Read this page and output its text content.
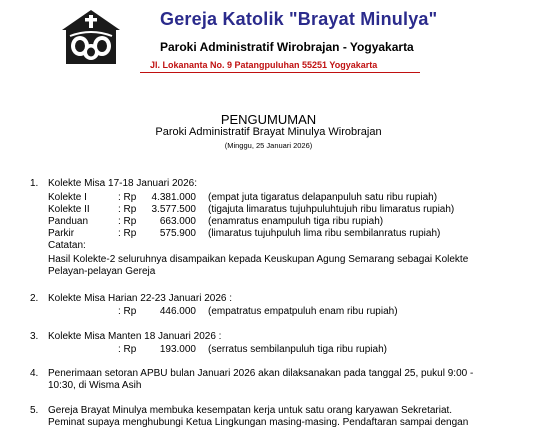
Gereja Katolik "Brayat Minulya"
Paroki Administratif Wirobrajan - Yogyakarta
Jl. Lokananta No. 9 Patangpuluhan 55251 Yogyakarta
PENGUMUMAN
Paroki Administratif Brayat Minulya Wirobrajan
(Minggu, 25 Januari 2026)
1. Kolekte Misa 17-18 Januari 2026:
Kolekte I	: Rp	4.381.000 (empat juta tigaratus delapanpuluh satu ribu rupiah)
Kolekte II	: Rp	3.577.500 (tigajuta limaratus tujuhpuluhtujuh ribu limaratus rupiah)
Panduan	: Rp	663.000 (enamratus enampuluh tiga ribu rupiah)
Parkir	: Rp	575.900 (limaratus tujuhpuluh lima ribu sembilanratus rupiah)
Catatan:
Hasil Kolekte-2 seluruhnya disampaikan kepada Keuskupan Agung Semarang sebagai Kolekte
Pelayan-pelayan Gereja
2. Kolekte Misa Harian 22-23 Januari 2026 :
: Rp	446.000 (empatratus empatpuluh enam ribu rupiah)
3. Kolekte Misa Manten 18 Januari 2026 :
: Rp	193.000 (serratus sembilanpuluh tiga ribu rupiah)
4. Penerimaan setoran APBU bulan Januari 2026 akan dilaksanakan pada tanggal 25, pukul 9:00 -
10:30, di Wisma Asih
5. Gereja Brayat Minulya membuka kesempatan kerja untuk satu orang karyawan Sekretariat.
Peminat supaya menghubungi Ketua Lingkungan masing-masing. Pendaftaran sampai dengan
